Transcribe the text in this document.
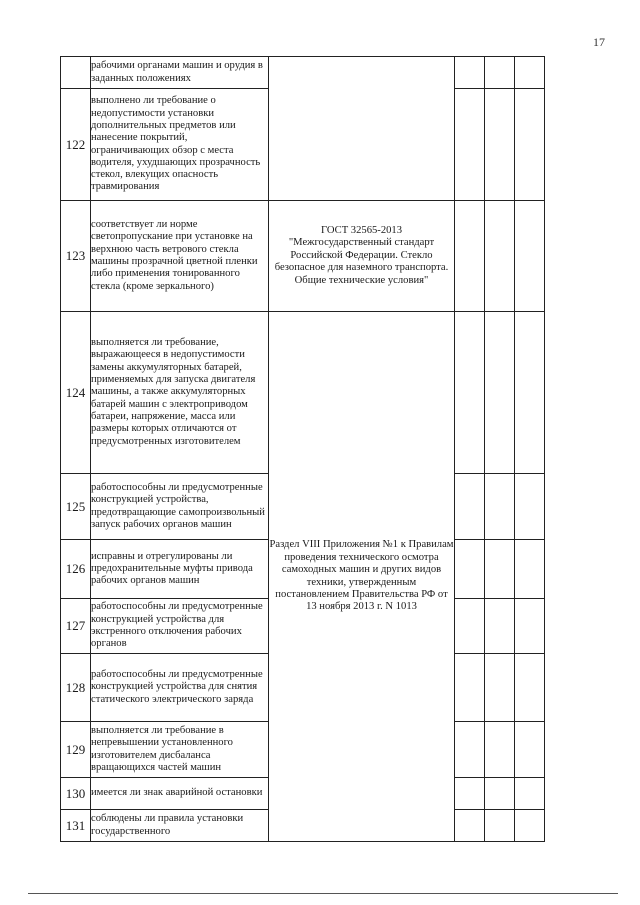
17
	рабочими органами машин и орудия в заданных положениях				
122	выполнено ли требование о недопустимости установки дополнительных предметов или нанесение покрытий, ограничивающих обзор с места водителя, ухудшающих прозрачность стекол, влекущих опасность травмирования				
123	соответствует ли норме светопропускание при установке на верхнюю часть ветрового стекла машины прозрачной цветной пленки либо применения тонированного стекла (кроме зеркального)	ГОСТ 32565-2013 "Межгосударственный стандарт Российской Федерации. Стекло безопасное для наземного транспорта. Общие технические условия"			
124	выполняется ли требование, выражающееся в недопустимости замены аккумуляторных батарей, применяемых для запуска двигателя машины, а также аккумуляторных батарей машин с электроприводом батареи, напряжение, масса или размеры которых отличаются от предусмотренных изготовителем	Раздел VIII Приложения №1 к Правилам проведения технического осмотра самоходных машин и других видов техники, утвержденным постановлением Правительства РФ от 13 ноября 2013 г. N 1013			
125	работоспособны ли предусмотренные конструкцией устройства, предотвращающие самопроизвольный запуск рабочих органов машин				
126	исправны и отрегулированы ли предохранительные муфты привода рабочих органов машин				
127	работоспособны ли предусмотренные конструкцией устройства для экстренного отключения рабочих органов				
128	работоспособны ли предусмотренные конструкцией устройства для снятия статического электрического заряда				
129	выполняется ли требование в непревышении установленного изготовителем дисбаланса вращающихся частей машин				
130	имеется ли знак аварийной остановки				
131	соблюдены ли правила установки государственного				
